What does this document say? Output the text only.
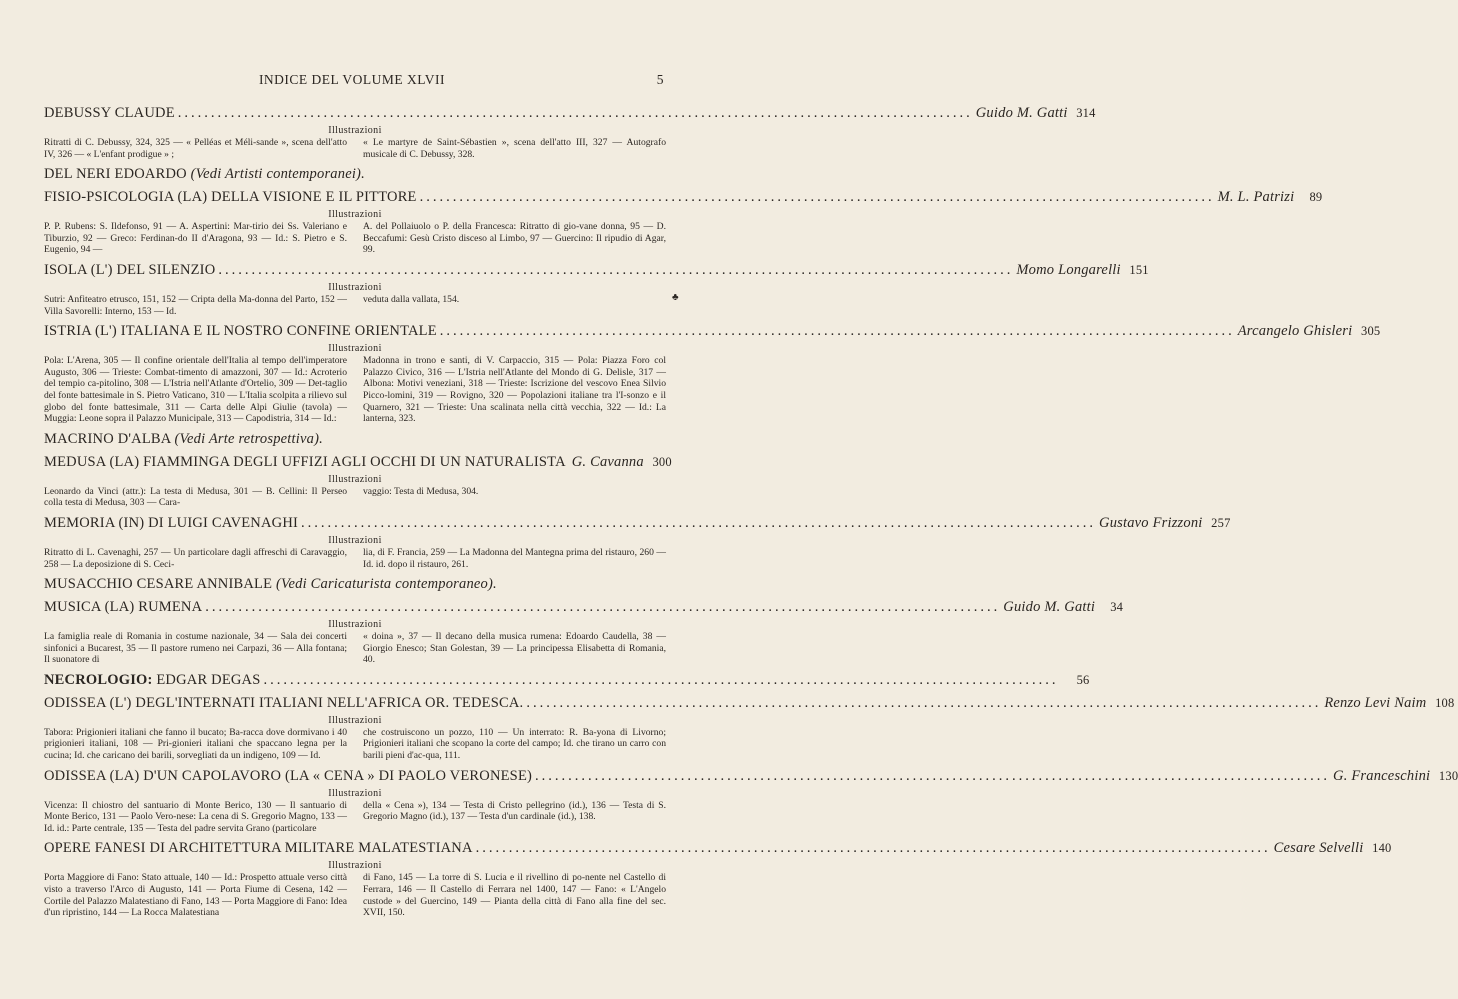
INDICE DEL VOLUME XLVII	5
♣
DEBUSSY CLAUDE ........................................................................................................................ Guido M. Gatti 314
Illustrazioni
Ritratti di C. Debussy, 324, 325 — « Pelléas et Méli-sande », scena dell'atto IV, 326 — « L'enfant prodigue » ;
« Le martyre de Saint-Sébastien », scena dell'atto III, 327 — Autografo musicale di C. Debussy, 328.
DEL NERI EDOARDO (Vedi Artisti contemporanei).
FISIO-PSICOLOGIA (LA) DELLA VISIONE E IL PITTORE ........................................................................................................................ M. L. Patrizi	89
Illustrazioni
P. P. Rubens: S. Ildefonso, 91 — A. Aspertini: Mar-tirio dei Ss. Valeriano e Tiburzio, 92 — Greco: Ferdinan-do II d'Aragona, 93 — Id.: S. Pietro e S. Eugenio, 94 —
A. del Pollaiuolo o P. della Francesca: Ritratto di gio-vane donna, 95 — D. Beccafumi: Gesù Cristo disceso al Limbo, 97 — Guercino: Il ripudio di Agar, 99.
ISOLA (L') DEL SILENZIO ........................................................................................................................ Momo Longarelli 151
Illustrazioni
Sutri: Anfiteatro etrusco, 151, 152 — Cripta della Ma-donna del Parto, 152 — Villa Savorelli: Interno, 153 — Id.
veduta dalla vallata, 154.
ISTRIA (L') ITALIANA E IL NOSTRO CONFINE ORIENTALE ........................................................................................................................ Arcangelo Ghisleri 305
Illustrazioni
Pola: L'Arena, 305 — Il confine orientale dell'Italia al tempo dell'imperatore Augusto, 306 — Trieste: Combat-timento di amazzoni, 307 — Id.: Acroterio del tempio ca-pitolino, 308 — L'Istria nell'Atlante d'Ortelio, 309 — Det-taglio del fonte battesimale in S. Pietro Vaticano, 310 — L'Italia scolpita a rilievo sul globo del fonte battesimale, 311 — Carta delle Alpi Giulie (tavola) — Muggia: Leone sopra il Palazzo Municipale, 313 — Capodistria, 314 — Id.:
Madonna in trono e santi, di V. Carpaccio, 315 — Pola: Piazza Foro col Palazzo Civico, 316 — L'Istria nell'Atlante del Mondo di G. Delisle, 317 — Albona: Motivi veneziani, 318 — Trieste: Iscrizione del vescovo Enea Silvio Picco-lomini, 319 — Rovigno, 320 — Popolazioni italiane tra l'I-sonzo e il Quarnero, 321 — Trieste: Una scalinata nella città vecchia, 322 — Id.: La lanterna, 323.
MACRINO D'ALBA (Vedi Arte retrospettiva).
MEDUSA (LA) FIAMMINGA DEGLI UFFIZI AGLI OCCHI DI UN NATURALISTA G. Cavanna 300
Illustrazioni
Leonardo da Vinci (attr.): La testa di Medusa, 301 — B. Cellini: Il Perseo colla testa di Medusa, 303 — Cara-
vaggio: Testa di Medusa, 304.
MEMORIA (IN) DI LUIGI CAVENAGHI ........................................................................................................................ Gustavo Frizzoni 257
Illustrazioni
Ritratto di L. Cavenaghi, 257 — Un particolare dagli affreschi di Caravaggio, 258 — La deposizione di S. Ceci-
lia, di F. Francia, 259 — La Madonna del Mantegna prima del ristauro, 260 — Id. id. dopo il ristauro, 261.
MUSACCHIO CESARE ANNIBALE (Vedi Caricaturista contemporaneo).
MUSICA (LA) RUMENA ........................................................................................................................ Guido M. Gatti	34
Illustrazioni
La famiglia reale di Romania in costume nazionale, 34 — Sala dei concerti sinfonici a Bucarest, 35 — Il pastore rumeno nei Carpazi, 36 — Alla fontana; Il suonatore di
« doina », 37 — Il decano della musica rumena: Edoardo Caudella, 38 — Giorgio Enesco; Stan Golestan, 39 — La principessa Elisabetta di Romania, 40.
NECROLOGIO: EDGAR DEGAS ........................................................................................................................	56
ODISSEA (L') DEGL'INTERNATI ITALIANI NELL'AFRICA OR. TEDESCA. ........................................................................................................................ Renzo Levi Naim 108
Illustrazioni
Tabora: Prigionieri italiani che fanno il bucato; Ba-racca dove dormivano i 40 prigionieri italiani, 108 — Pri-gionieri italiani che spaccano legna per la cucina; Id. che caricano dei barili, sorvegliati da un indigeno, 109 — Id.
che costruiscono un pozzo, 110 — Un interrato: R. Ba-yona di Livorno; Prigionieri italiani che scopano la corte del campo; Id. che tirano un carro con barili pieni d'ac-qua, 111.
ODISSEA (LA) D'UN CAPOLAVORO (LA « CENA » DI PAOLO VERONESE) ........................................................................................................................ G. Franceschini 130
Illustrazioni
Vicenza: Il chiostro del santuario di Monte Berico, 130 — Il santuario di Monte Berico, 131 — Paolo Vero-nese: La cena di S. Gregorio Magno, 133 — Id. id.: Parte centrale, 135 — Testa del padre servita Grano (particolare
della « Cena »), 134 — Testa di Cristo pellegrino (id.), 136 — Testa di S. Gregorio Magno (id.), 137 — Testa d'un cardinale (id.), 138.
OPERE FANESI DI ARCHITETTURA MILITARE MALATESTIANA ........................................................................................................................ Cesare Selvelli 140
Illustrazioni
Porta Maggiore di Fano: Stato attuale, 140 — Id.: Prospetto attuale verso città visto a traverso l'Arco di Augusto, 141 — Porta Fiume di Cesena, 142 — Cortile del Palazzo Malatestiano di Fano, 143 — Porta Maggiore di Fano: Idea d'un ripristino, 144 — La Rocca Malatestiana
di Fano, 145 — La torre di S. Lucia e il rivellino di po-nente nel Castello di Ferrara, 146 — Il Castello di Ferrara nel 1400, 147 — Fano: « L'Angelo custode » del Guercino, 149 — Pianta della città di Fano alla fine del sec. XVII, 150.
